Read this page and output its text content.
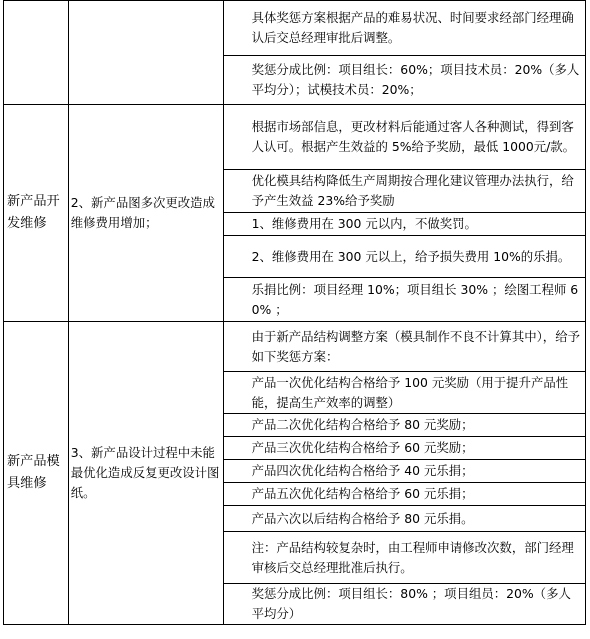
		具体奖惩方案根据产品的难易状况、时间要求经部门经理确认后交总经理审批后调整。
		奖惩分成比例：项目组长：60%；项目技术员：20%（多人平均分）；试模技术员：20%；
新产品开发维修	2、新产品图多次更改造成维修费用增加；	根据市场部信息，更改材料后能通过客人各种测试，得到客人认可。根据产生效益的 5%给予奖励，最低 1000元/款。
		优化模具结构降低生产周期按合理化建议管理办法执行，给予产生效益 23%给予奖励
		1、维修费用在 300 元以内，不做奖罚。
		2、维修费用在 300 元以上，给予损失费用 10%的乐捐。
		乐捐比例：项目经理 10%；项目组长 30% ；绘图工程师 60% ；
新产品模具维修	3、新产品设计过程中未能最优化造成反复更改设计图纸。	由于新产品结构调整方案（模具制作不良不计算其中），给予如下奖惩方案：
		产品一次优化结构合格给予 100 元奖励（用于提升产品性能，提高生产效率的调整）
		产品二次优化结构合格给予 80 元奖励；
		产品三次优化结构合格给予 60 元奖励；
		产品四次优化结构合格给予 40 元乐捐；
		产品五次优化结构合格给予 60 元乐捐；
		产品六次以后结构合格给予 80 元乐捐。
		注：产品结构较复杂时，由工程师申请修改次数，部门经理审核后交总经理批准后执行。
		奖惩分成比例：项目组长：80% ；项目组员：20%（多人平均分）
